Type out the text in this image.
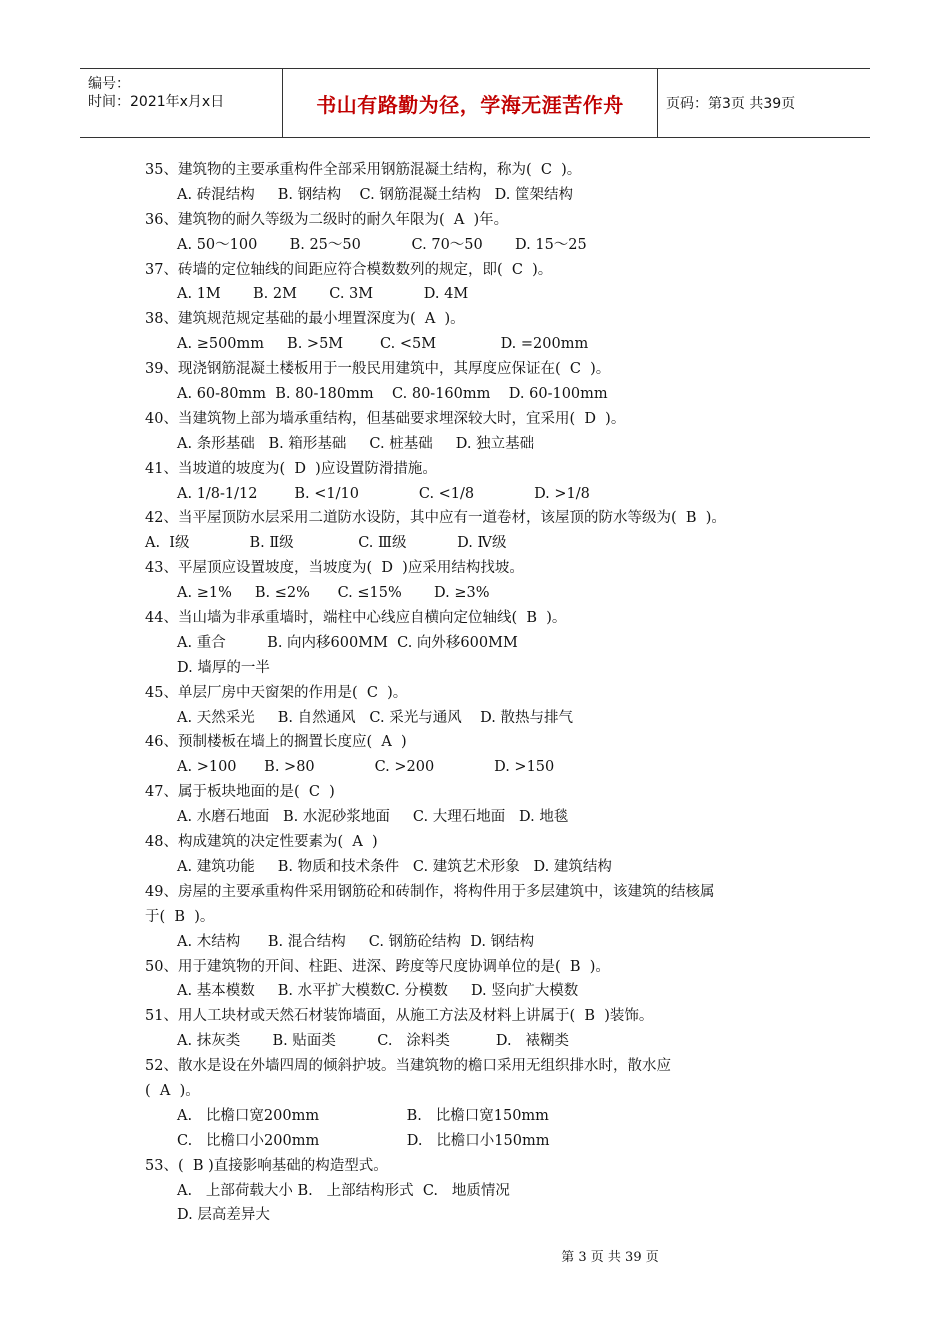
编号：
时间：2021年x月x日	书山有路勤为径，学海无涯苦作舟	页码：第3页 共39页
35、建筑物的主要承重构件全部采用钢筋混凝土结构，称为(  C  )。
A. 砖混结构     B. 钢结构    C. 钢筋混凝土结构   D. 筐架结构
36、建筑物的耐久等级为二级时的耐久年限为(  A  )年。
A. 50～100       B. 25～50           C. 70～50       D. 15～25
37、砖墙的定位轴线的间距应符合模数数列的规定，即(  C  )。
A. 1M       B. 2M       C. 3M           D. 4M
38、建筑规范规定基础的最小埋置深度为(  A  )。
A. ≥500mm     B. >5M        C. <5M              D. =200mm
39、现浇钢筋混凝土楼板用于一般民用建筑中，其厚度应保证在(  C  )。
A. 60-80mm  B. 80-180mm    C. 80-160mm    D. 60-100mm
40、当建筑物上部为墙承重结构，但基础要求埋深较大时，宜采用(  D  )。
A. 条形基础   B. 箱形基础     C. 桩基础     D. 独立基础
41、当坡道的坡度为(  D  )应设置防滑措施。
A. 1/8-1/12        B. <1/10             C. <1/8             D. >1/8
42、当平屋顶防水层采用二道防水设防，其中应有一道卷材，该屋顶的防水等级为(  B  )。
A.  Ⅰ级             B. Ⅱ级              C. Ⅲ级           D. Ⅳ级
43、平屋顶应设置坡度，当坡度为(  D  )应采用结构找坡。
A. ≥1%     B. ≤2%      C. ≤15%       D. ≥3%
44、当山墙为非承重墙时，端柱中心线应自横向定位轴线(  B  )。
A. 重合         B. 向内移600MM  C. 向外移600MM
D. 墙厚的一半
45、单层厂房中天窗架的作用是(  C  )。
A. 天然采光     B. 自然通风   C. 采光与通风    D. 散热与排气
46、预制楼板在墙上的搁置长度应(  A  )
A. >100      B. >80             C. >200             D. >150
47、属于板块地面的是(  C  )
A. 水磨石地面   B. 水泥砂浆地面     C. 大理石地面   D. 地毯
48、构成建筑的决定性要素为(  A  )
A. 建筑功能     B. 物质和技术条件   C. 建筑艺术形象   D. 建筑结构
49、房屋的主要承重构件采用钢筋砼和砖制作，将构件用于多层建筑中，该建筑的结核属
于(  B  )。
A. 木结构      B. 混合结构     C. 钢筋砼结构  D. 钢结构
50、用于建筑物的开间、柱距、进深、跨度等尺度协调单位的是(  B  )。
A. 基本模数     B. 水平扩大模数C. 分模数     D. 竖向扩大模数
51、用人工块材或天然石材装饰墙面，从施工方法及材料上讲属于(  B  )装饰。
A. 抹灰类       B. 贴面类         C.   涂料类          D.   裱糊类
52、散水是设在外墙四周的倾斜护坡。当建筑物的檐口采用无组织排水时，散水应
(  A  )。
A.   比檐口宽200mm                   B.   比檐口宽150mm
C.   比檐口小200mm                   D.   比檐口小150mm
53、(  B )直接影响基础的构造型式。
A.   上部荷载大小 B.   上部结构形式  C.   地质情况
D. 层高差异大
第 3 页 共 39 页
